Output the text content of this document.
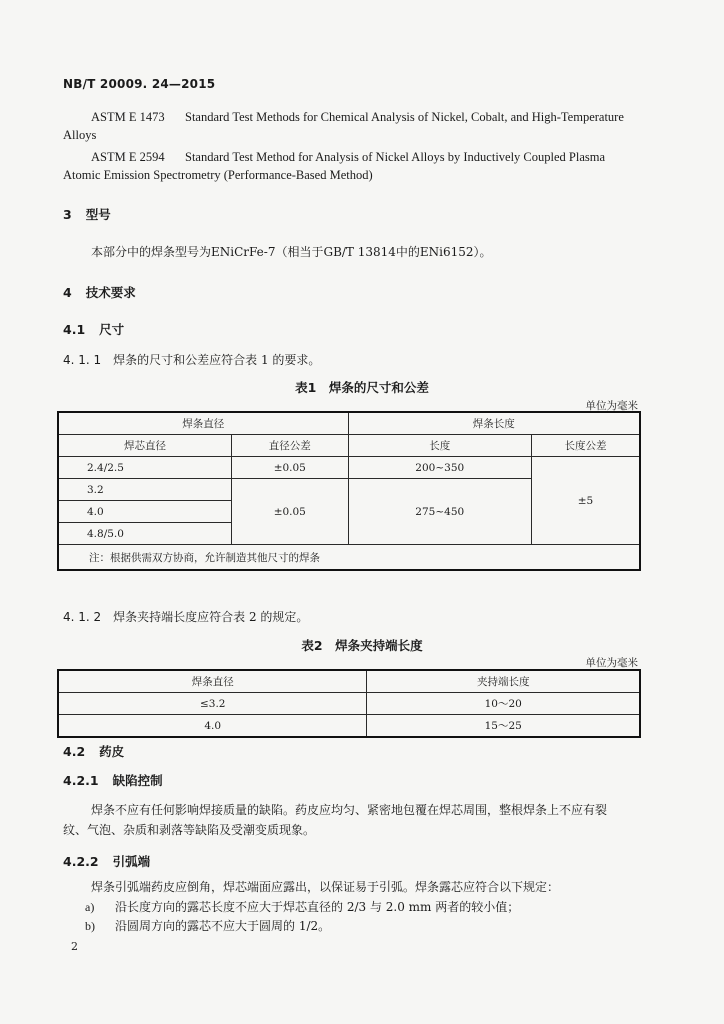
NB/T 20009. 24—2015
ASTM E 1473 Standard Test Methods for Chemical Analysis of Nickel, Cobalt, and High-Temperature
Alloys
ASTM E 2594 Standard Test Method for Analysis of Nickel Alloys by Inductively Coupled Plasma
Atomic Emission Spectrometry (Performance-Based Method)
3 型号
本部分中的焊条型号为ENiCrFe-7（相当于GB/T 13814中的ENi6152）。
4 技术要求
4.1 尺寸
4. 1. 1 焊条的尺寸和公差应符合表 1 的要求。
表1　焊条的尺寸和公差
单位为毫米
焊条直径		焊条长度	
焊芯直径	直径公差	长度	长度公差
2.4/2.5	±0.05	200~350	±5
3.2	±0.05	275~450	
4.0			
4.8/5.0			
注：根据供需双方协商，允许制造其他尺寸的焊条			
4. 1. 2 焊条夹持端长度应符合表 2 的规定。
表2　焊条夹持端长度
单位为毫米
焊条直径	夹持端长度
≤3.2	10～20
4.0	15～25
4.2 药皮
4.2.1 缺陷控制
焊条不应有任何影响焊接质量的缺陷。药皮应均匀、紧密地包覆在焊芯周围，整根焊条上不应有裂
纹、气泡、杂质和剥落等缺陷及受潮变质现象。
4.2.2 引弧端
焊条引弧端药皮应倒角，焊芯端面应露出，以保证易于引弧。焊条露芯应符合以下规定：
a) 沿长度方向的露芯长度不应大于焊芯直径的 2/3 与 2.0 mm 两者的较小值；
b) 沿圆周方向的露芯不应大于圆周的 1/2。
2
